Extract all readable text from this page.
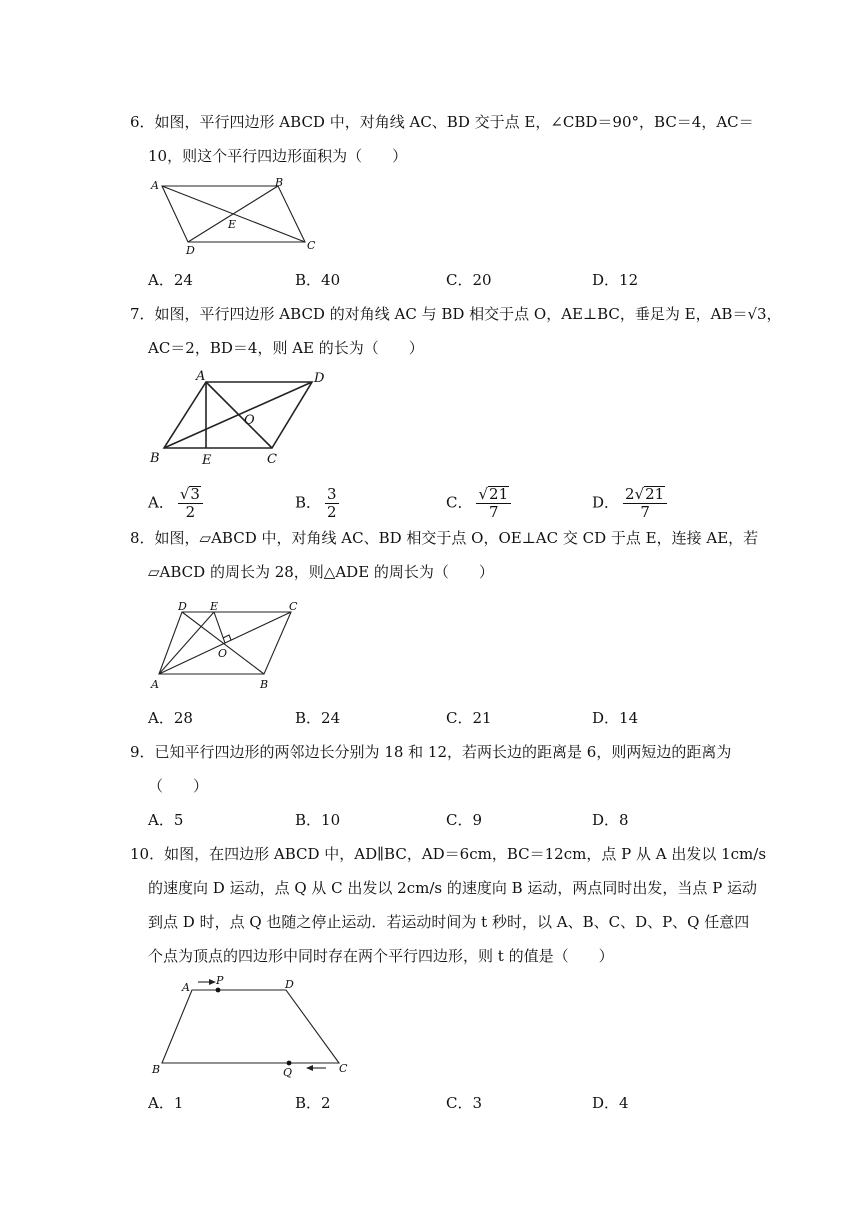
6．如图，平行四边形 ABCD 中，对角线 AC、BD 交于点 E，∠CBD＝90°，BC＝4，AC＝
10，则这个平行四边形面积为（　　）
A	B
C
D
E
A．24	B．40	C．20	D．12
7．如图，平行四边形 ABCD 的对角线 AC 与 BD 相交于点 O，AE⊥BC，垂足为 E，AB＝√3，
AC＝2，BD＝4，则 AE 的长为（　　）
A	D
B	E	C
O
A． $\frac{√3}{2}$	B． $\frac{3}{2}$	C． $\frac{√21}{7}$	D． $\frac{2√21}{7}$
8．如图，▱ABCD 中，对角线 AC、BD 相交于点 O，OE⊥AC 交 CD 于点 E，连接 AE，若
▱ABCD 的周长为 28，则△ADE 的周长为（　　）
D E	C
A	B
O
A．28	B．24	C．21	D．14
9．已知平行四边形的两邻边长分别为 18 和 12，若两长边的距离是 6，则两短边的距离为
（　　）
A．5	B．10	C．9	D．8
10．如图，在四边形 ABCD 中，AD∥BC，AD＝6cm，BC＝12cm，点 P 从 A 出发以 1cm/s
的速度向 D 运动，点 Q 从 C 出发以 2cm/s 的速度向 B 运动，两点同时出发，当点 P 运动
到点 D 时，点 Q 也随之停止运动．若运动时间为 t 秒时，以 A、B、C、D、P、Q 任意四
个点为顶点的四边形中同时存在两个平行四边形，则 t 的值是（　　）
A
P	D
B	Q	C
A．1	B．2	C．3	D．4
